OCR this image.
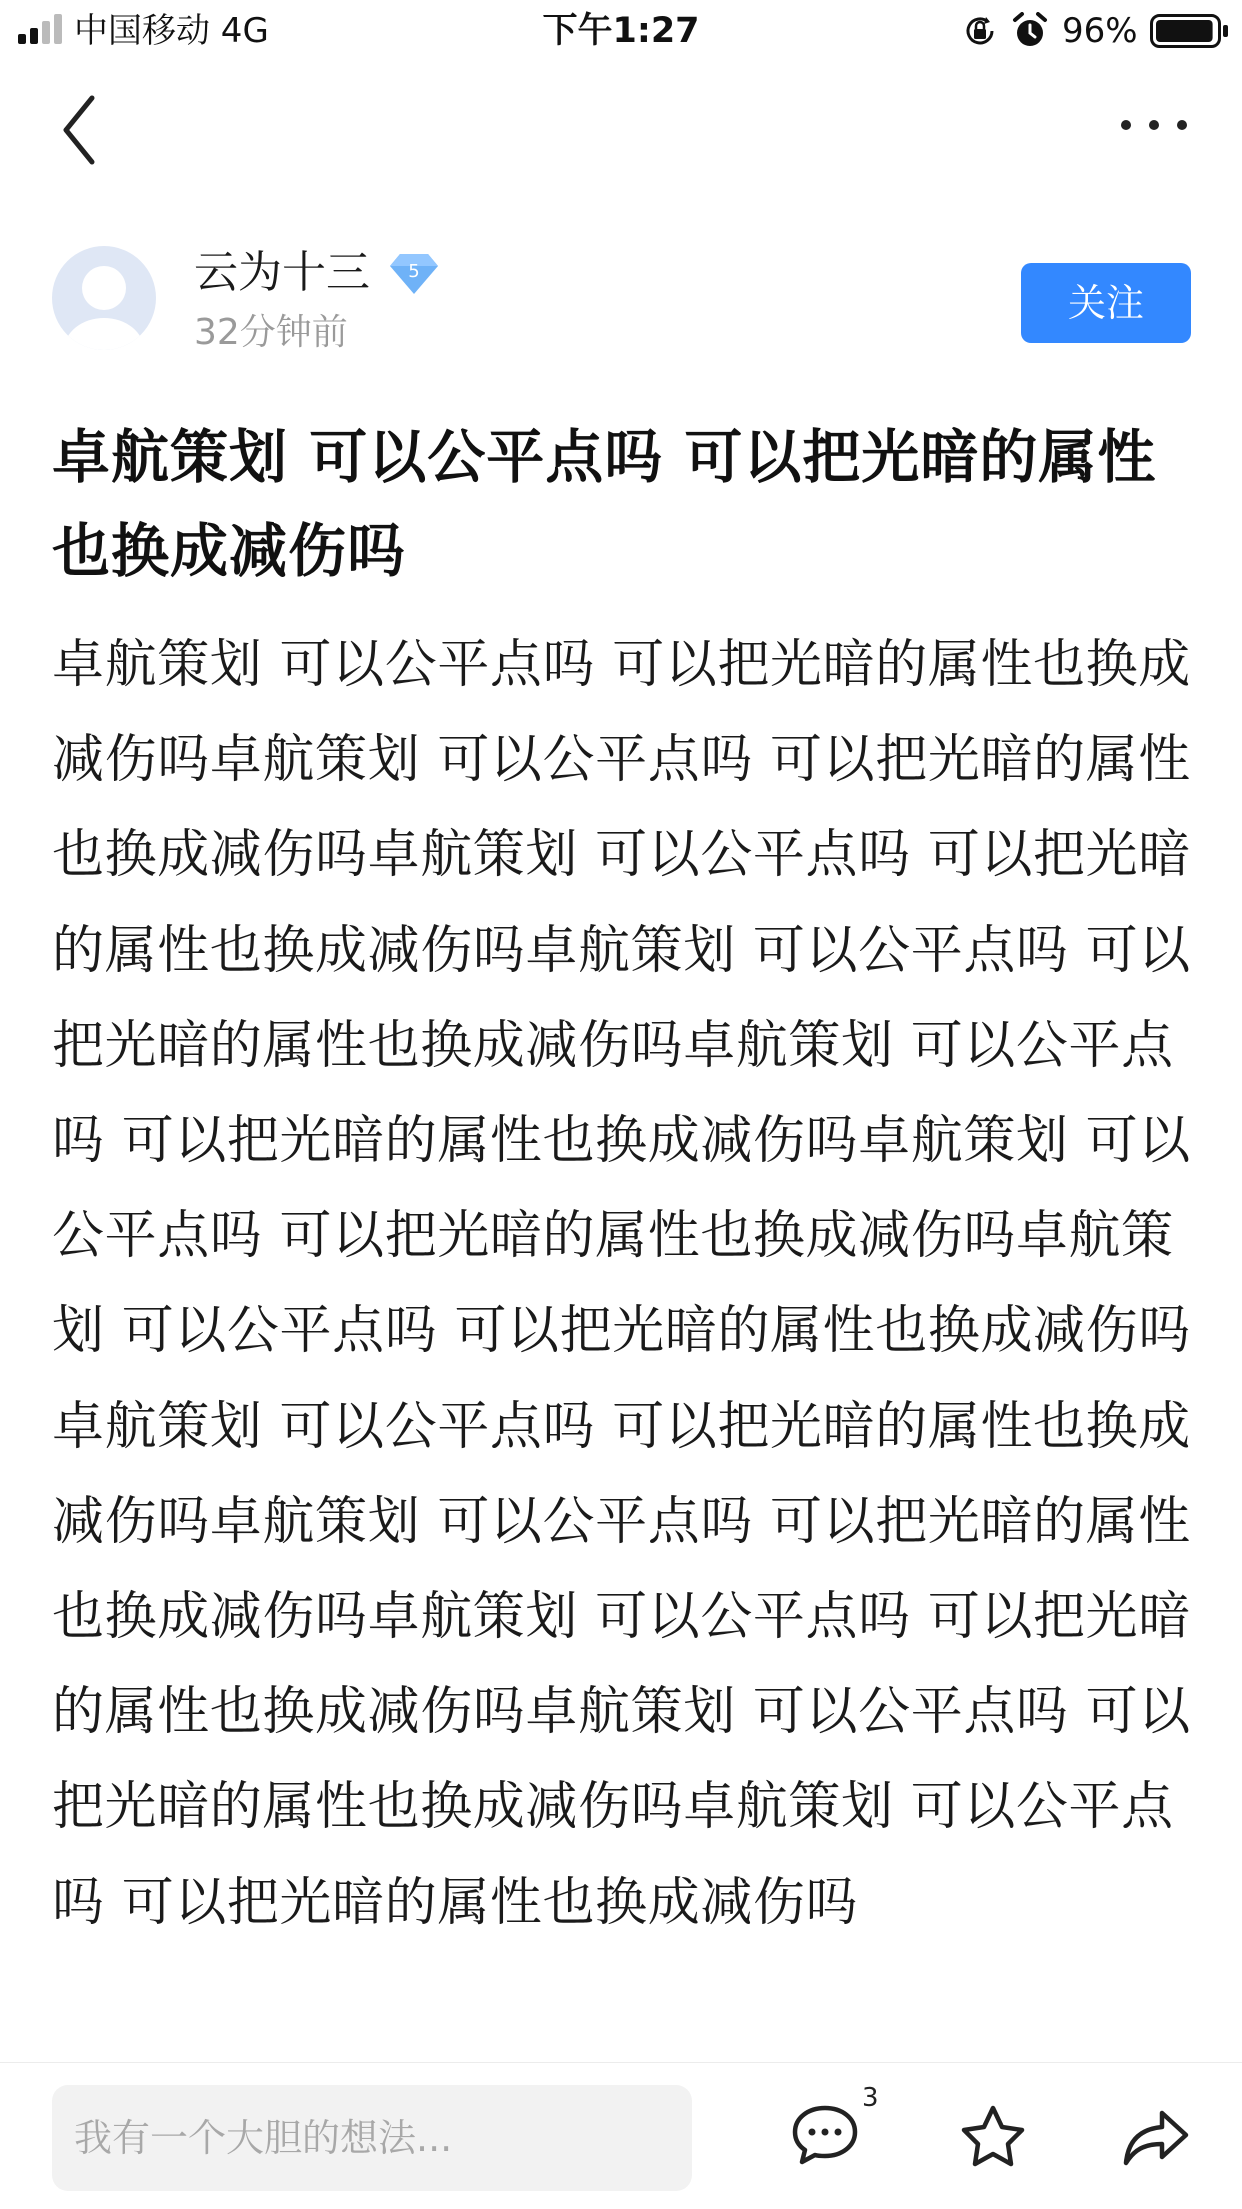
中国移动 4G	下午1:27	96%
云为十三 5
32分钟前
关注
卓航策划 可以公平点吗 可以把光暗的属性也换成减伤吗

卓航策划 可以公平点吗 可以把光暗的属性也换成减伤吗卓航策划 可以公平点吗 可以把光暗的属性也换成减伤吗卓航策划 可以公平点吗 可以把光暗的属性也换成减伤吗卓航策划 可以公平点吗 可以把光暗的属性也换成减伤吗卓航策划 可以公平点吗 可以把光暗的属性也换成减伤吗卓航策划 可以公平点吗 可以把光暗的属性也换成减伤吗卓航策划 可以公平点吗 可以把光暗的属性也换成减伤吗卓航策划 可以公平点吗 可以把光暗的属性也换成减伤吗卓航策划 可以公平点吗 可以把光暗的属性也换成减伤吗卓航策划 可以公平点吗 可以把光暗的属性也换成减伤吗卓航策划 可以公平点吗 可以把光暗的属性也换成减伤吗卓航策划 可以公平点吗 可以把光暗的属性也换成减伤吗

我有一个大胆的想法...
3
